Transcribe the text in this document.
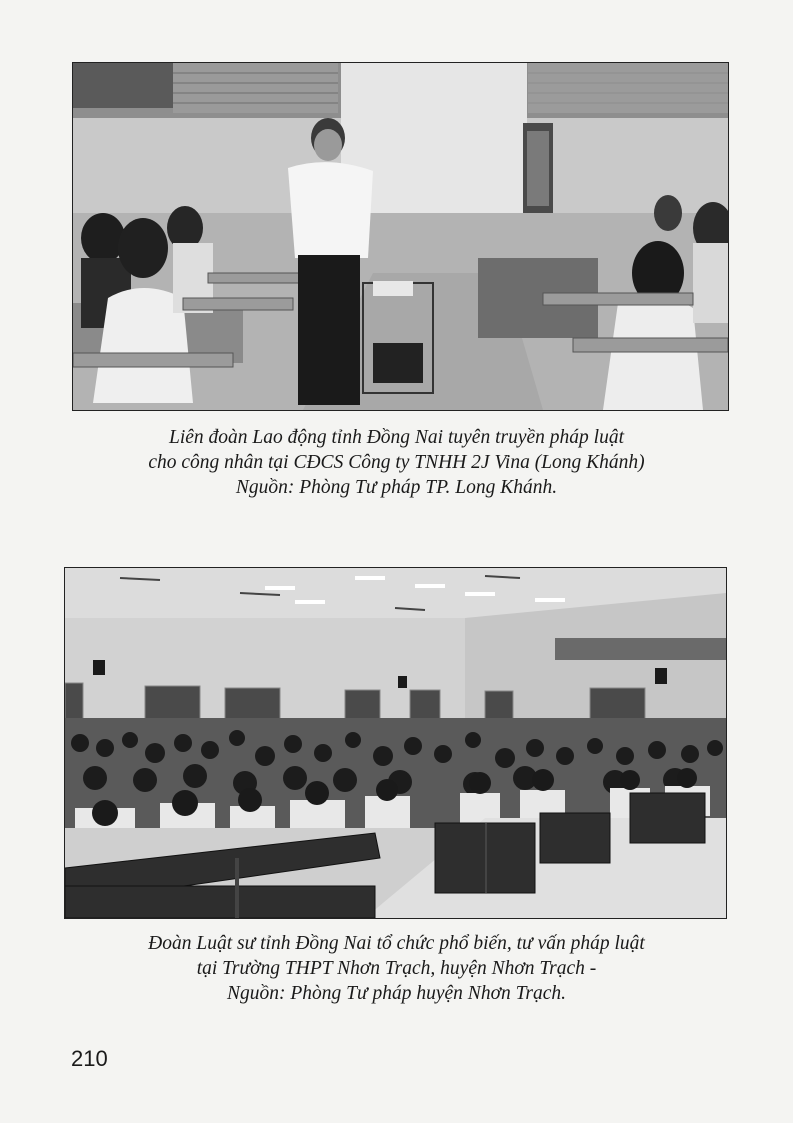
Liên đoàn Lao động tỉnh Đồng Nai tuyên truyền pháp luật
cho công nhân tại CĐCS Công ty TNHH 2J Vina (Long Khánh)
Nguồn: Phòng Tư pháp TP. Long Khánh.
Đoàn Luật sư tỉnh Đồng Nai tổ chức phổ biến, tư vấn pháp luật
tại Trường THPT Nhơn Trạch, huyện Nhơn Trạch -
Nguồn: Phòng Tư pháp huyện Nhơn Trạch.
210
